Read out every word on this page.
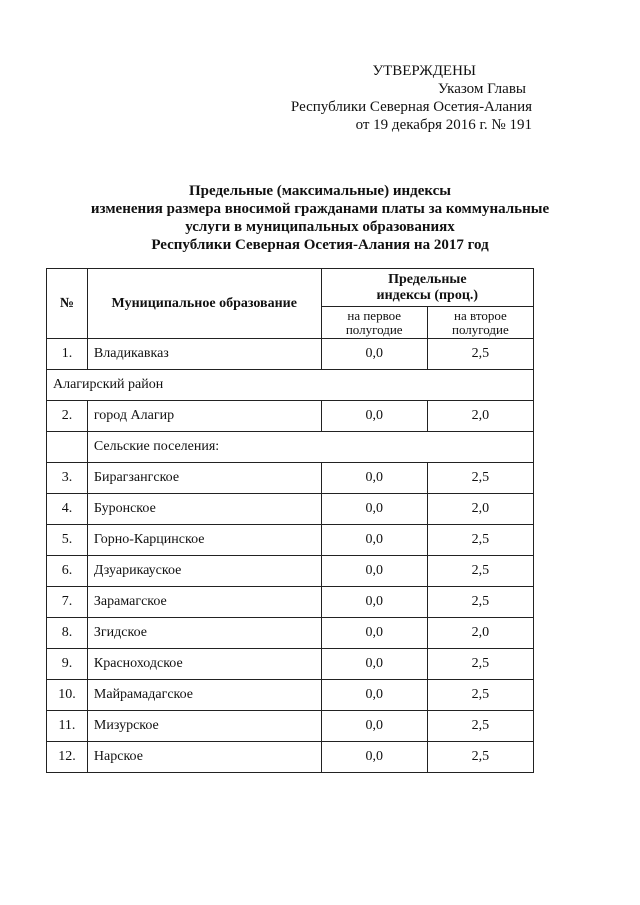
УТВЕРЖДЕНЫ
Указом Главы
Республики Северная Осетия-Алания
от 19 декабря 2016 г. № 191
Предельные (максимальные) индексы
изменения размера вносимой гражданами платы за коммунальные
услуги в муниципальных образованиях
Республики Северная Осетия-Алания на 2017 год
№	Муниципальное образование	Предельные индексы (проц.)	
		на первое полугодие	на второе полугодие
1.	Владикавказ	0,0	2,5
Алагирский район			
2.	город Алагир	0,0	2,0
	Сельские поселения:		
3.	Бирагзангское	0,0	2,5
4.	Буронское	0,0	2,0
5.	Горно-Карцинское	0,0	2,5
6.	Дзуарикауское	0,0	2,5
7.	Зарамагское	0,0	2,5
8.	Згидское	0,0	2,0
9.	Красноходское	0,0	2,5
10.	Майрамадагское	0,0	2,5
11.	Мизурское	0,0	2,5
12.	Нарское	0,0	2,5
